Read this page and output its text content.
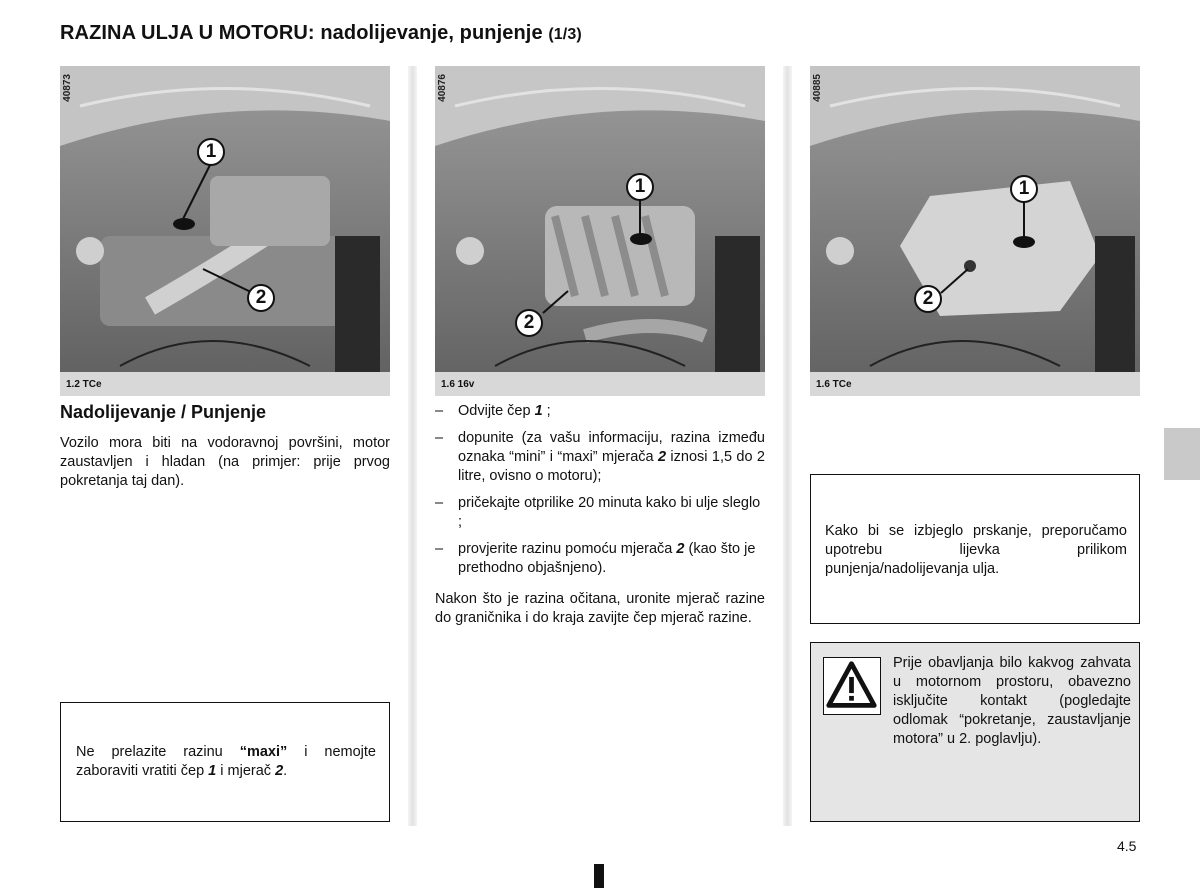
RAZINA ULJA U MOTORU: nadolijevanje, punjenje (1/3)
40873
1.2 TCe
1
2
40876
1.6 16v
1
2
40885
1.6 TCe
1
2
Nadolijevanje / Punjenje
Vozilo mora biti na vodoravnoj površini, motor zaustavljen i hladan (na primjer: prije prvog pokretanja taj dan).
Ne prelazite razinu “maxi” i nemojte zaboraviti vratiti čep 1 i mjerač 2.
– Odvijte čep 1 ;
– dopunite (za vašu informaciju, razina između oznaka “mini” i “maxi” mjerača 2 iznosi 1,5 do 2 litre, ovisno o motoru);
– pričekajte otprilike 20 minuta kako bi ulje sleglo ;
– provjerite razinu pomoću mjerača 2 (kao što je prethodno objašnjeno).
Nakon što je razina očitana, uronite mjerač razine do graničnika i do kraja zavijte čep mjerač razine.
Kako bi se izbjeglo prskanje, preporučamo upotrebu lijevka prilikom punjenja/nadolijevanja ulja.
Prije obavljanja bilo kakvog zahvata u motornom prostoru, obavezno isključite kontakt (pogledajte odlomak “pokretanje, zaustavljanje motora” u 2. poglavlju).
4.5
